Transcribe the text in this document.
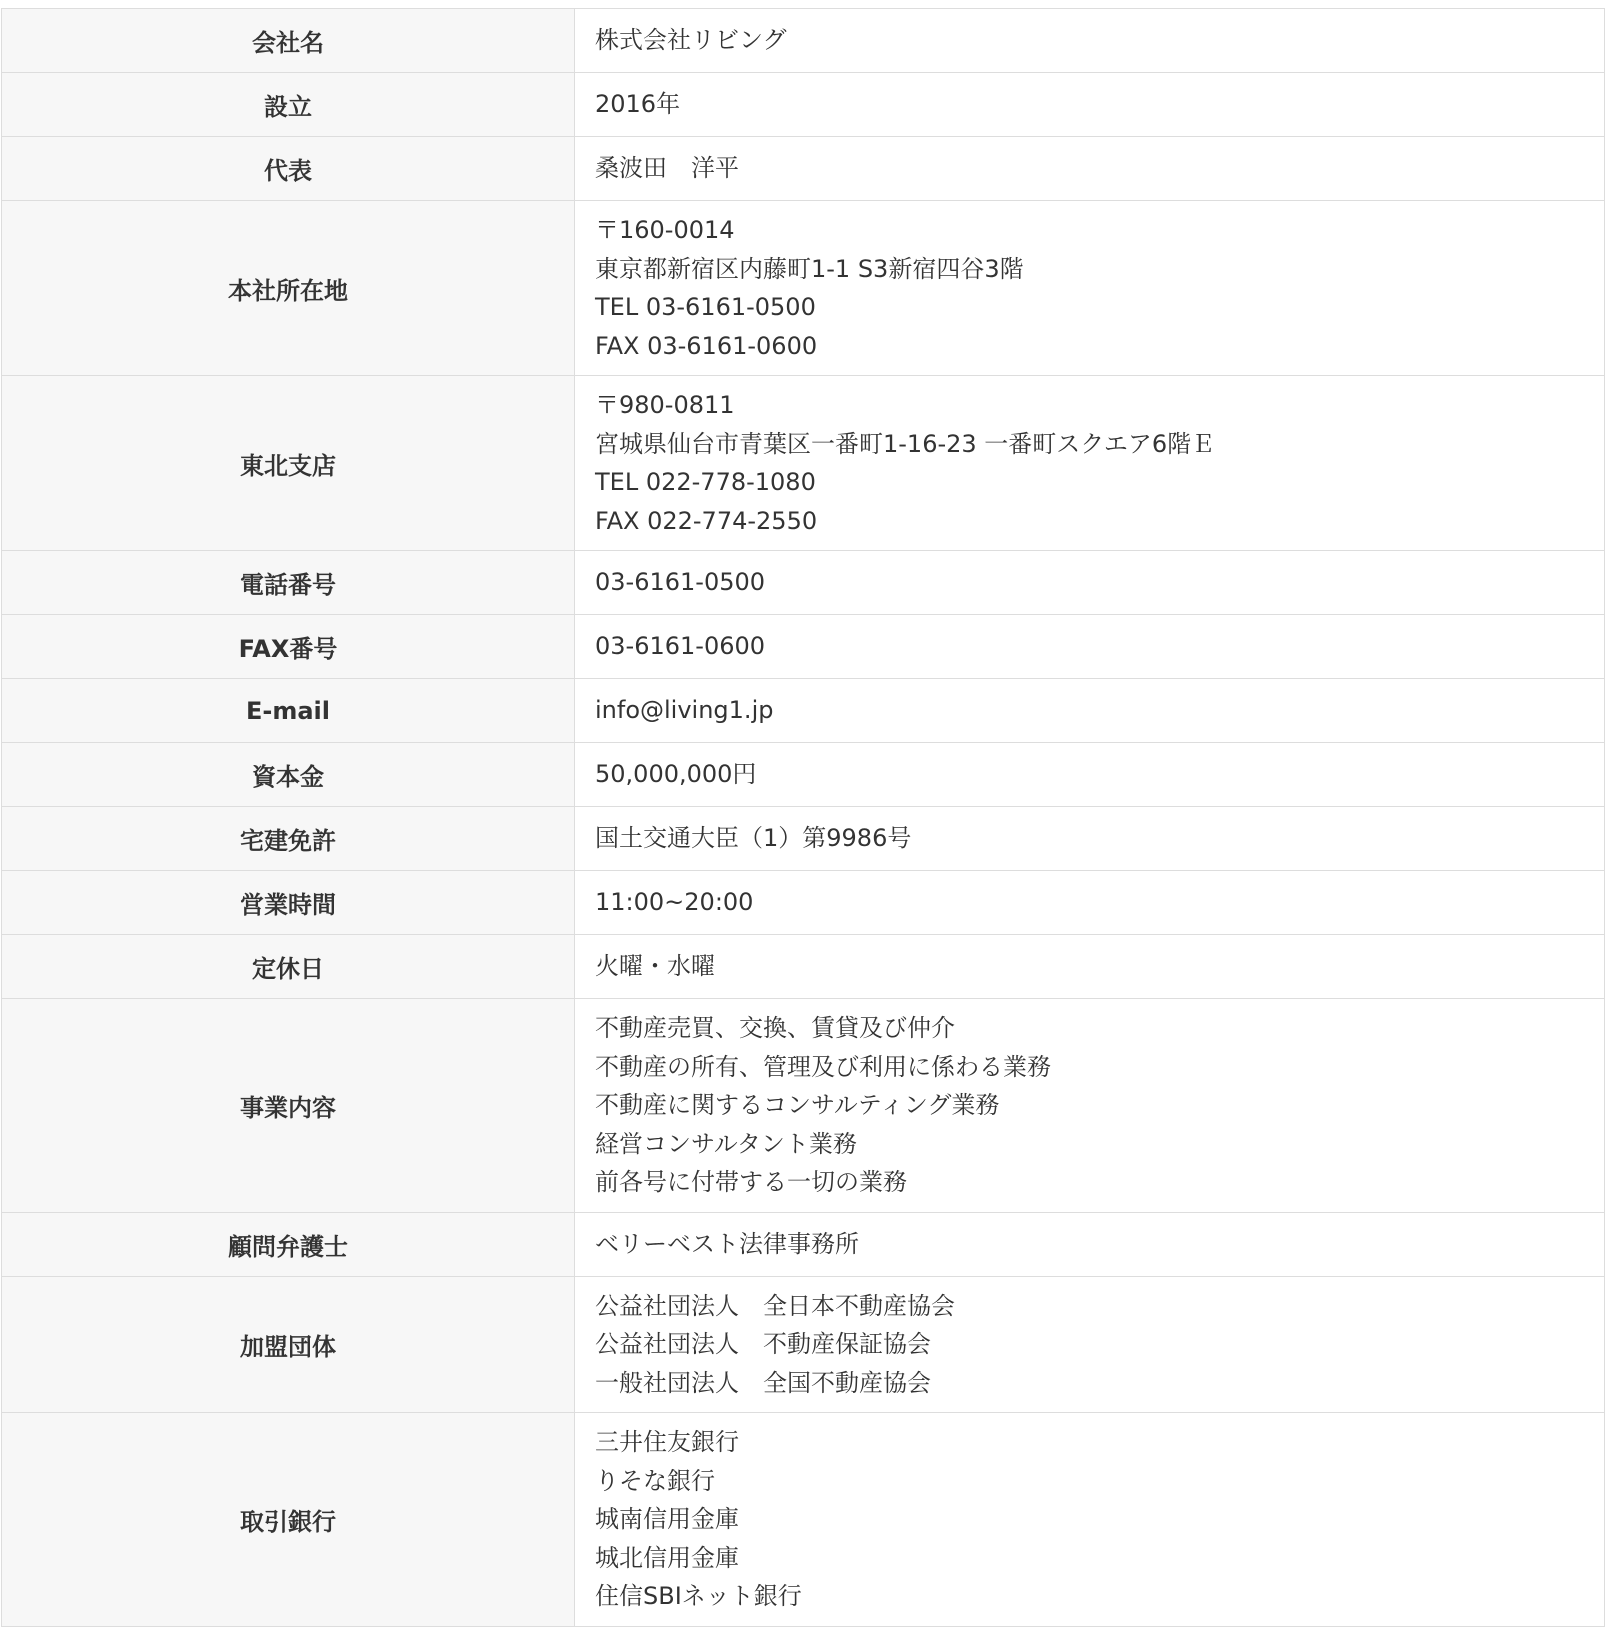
会社名	株式会社リビング

設立	2016年

代表	桑波田　洋平

本社所在地	〒160-0014
東京都新宿区内藤町1-1 S3新宿四谷3階
TEL 03-6161-0500
FAX 03-6161-0600

東北支店	〒980-0811
宮城県仙台市青葉区一番町1-16-23 一番町スクエア6階Ｅ
TEL 022-778-1080
FAX 022-774-2550

電話番号	03-6161-0500

FAX番号	03-6161-0600

E-mail	info@living1.jp

資本金	50,000,000円

宅建免許	国土交通大臣（1）第9986号

営業時間	11:00~20:00

定休日	火曜・水曜

事業内容	不動産売買、交換、賃貸及び仲介
不動産の所有、管理及び利用に係わる業務
不動産に関するコンサルティング業務
経営コンサルタント業務
前各号に付帯する一切の業務

顧問弁護士	ベリーベスト法律事務所

加盟団体	公益社団法人　全日本不動産協会
公益社団法人　不動産保証協会
一般社団法人　全国不動産協会

取引銀行	三井住友銀行
りそな銀行
城南信用金庫
城北信用金庫
住信SBIネット銀行
